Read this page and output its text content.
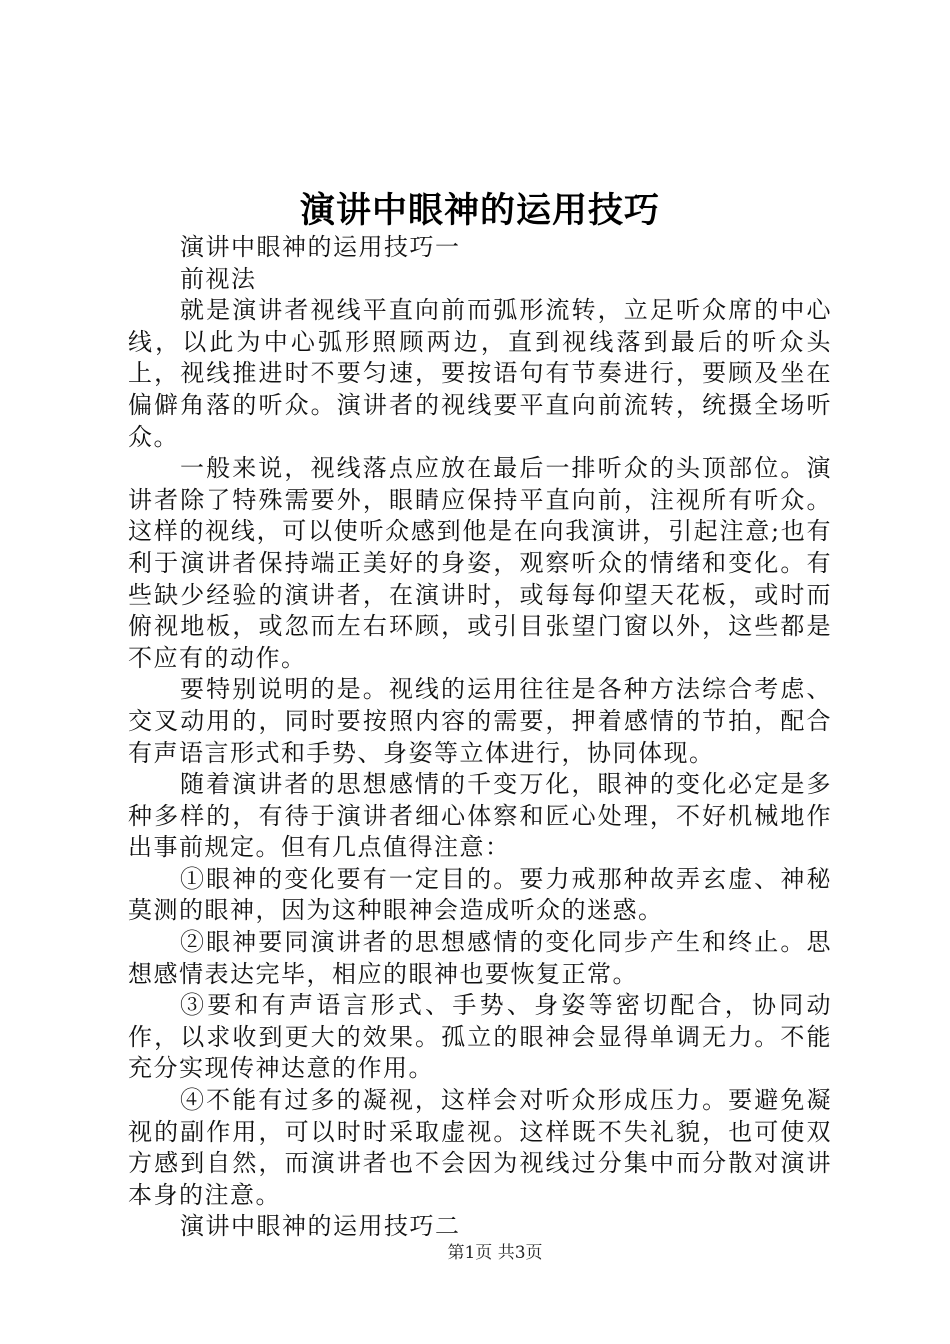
演讲中眼神的运用技巧

演讲中眼神的运用技巧一

前视法

就是演讲者视线平直向前而弧形流转，立足听众席的中心线，以此为中心弧形照顾两边，直到视线落到最后的听众头上，视线推进时不要匀速，要按语句有节奏进行，要顾及坐在偏僻角落的听众。演讲者的视线要平直向前流转，统摄全场听众。

一般来说，视线落点应放在最后一排听众的头顶部位。演讲者除了特殊需要外，眼睛应保持平直向前，注视所有听众。这样的视线，可以使听众感到他是在向我演讲，引起注意;也有利于演讲者保持端正美好的身姿，观察听众的情绪和变化。有些缺少经验的演讲者，在演讲时，或每每仰望天花板，或时而俯视地板，或忽而左右环顾，或引目张望门窗以外，这些都是不应有的动作。

要特别说明的是。视线的运用往往是各种方法综合考虑、交叉动用的，同时要按照内容的需要，押着感情的节拍，配合有声语言形式和手势、身姿等立体进行，协同体现。

随着演讲者的思想感情的千变万化，眼神的变化必定是多种多样的，有待于演讲者细心体察和匠心处理，不好机械地作出事前规定。但有几点值得注意：

①眼神的变化要有一定目的。要力戒那种故弄玄虚、神秘莫测的眼神，因为这种眼神会造成听众的迷惑。

②眼神要同演讲者的思想感情的变化同步产生和终止。思想感情表达完毕，相应的眼神也要恢复正常。

③要和有声语言形式、手势、身姿等密切配合，协同动作，以求收到更大的效果。孤立的眼神会显得单调无力。不能充分实现传神达意的作用。

④不能有过多的凝视，这样会对听众形成压力。要避免凝视的副作用，可以时时采取虚视。这样既不失礼貌，也可使双方感到自然，而演讲者也不会因为视线过分集中而分散对演讲本身的注意。

演讲中眼神的运用技巧二

第1页 共3页
